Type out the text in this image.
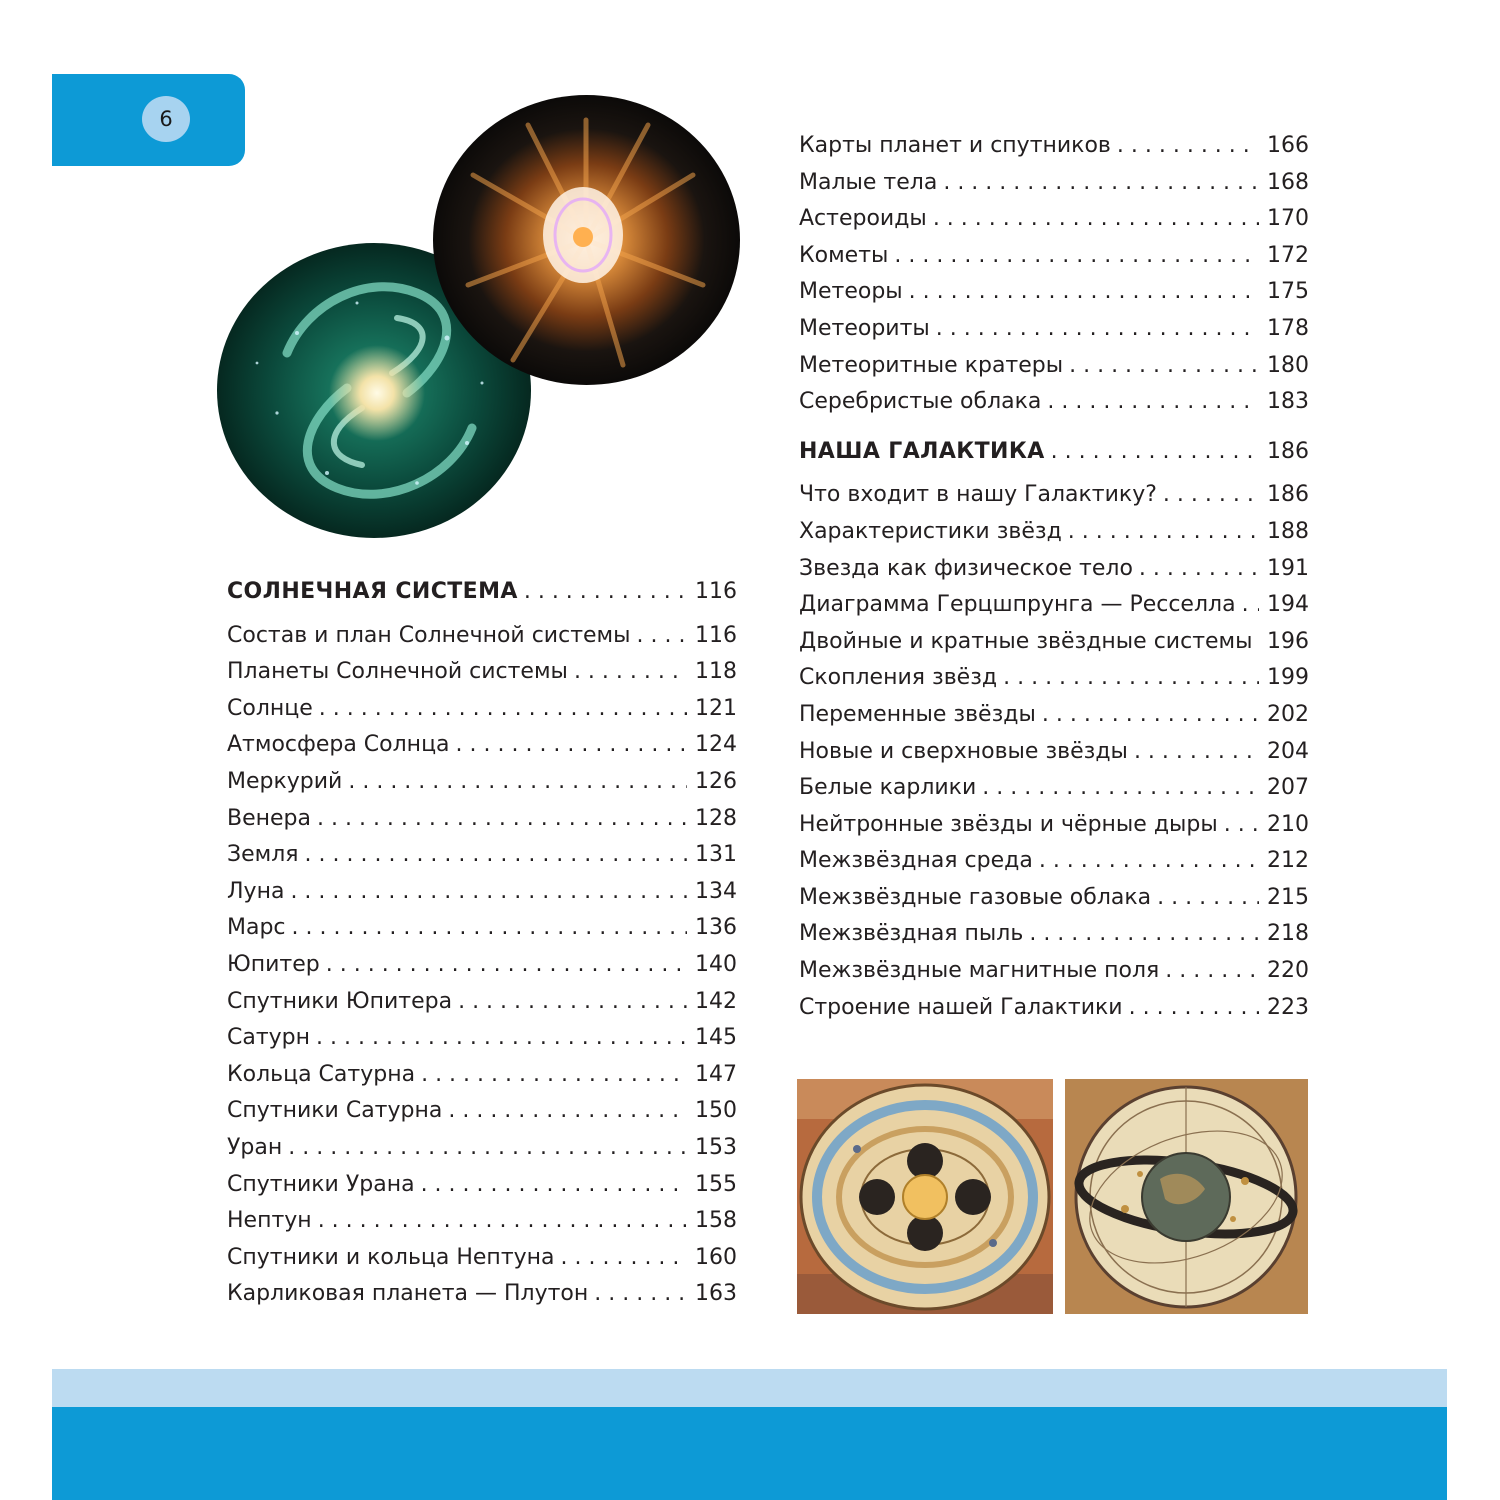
6
СОЛНЕЧНАЯ СИСТЕМА . . .	116
Состав и план Солнечной системы . . .	116
Планеты Солнечной системы . . .	118
Солнце . . .	121
Атмосфера Солнца . . .	124
Меркурий . . .	126
Венера . . .	128
Земля . . .	131
Луна . . .	134
Марс . . .	136
Юпитер . . .	140
Спутники Юпитера . . .	142
Сатурн . . .	145
Кольца Сатурна . . .	147
Спутники Сатурна . . .	150
Уран . . .	153
Спутники Урана . . .	155
Нептун . . .	158
Спутники и кольца Нептуна . . .	160
Карликовая планета — Плутон . . .	163
Карты планет и спутников . . .	166
Малые тела . . .	168
Астероиды . . .	170
Кометы . . .	172
Метеоры . . .	175
Метеориты . . .	178
Метеоритные кратеры . . .	180
Серебристые облака . . .	183
НАША ГАЛАКТИКА . . .	186
Что входит в нашу Галактику? . . .	186
Характеристики звёзд . . .	188
Звезда как физическое тело . . .	191
Диаграмма Герцшпрунга — Ресселла . . . 194
Двойные и кратные звёздные системы . . . 196
Скопления звёзд . . .	199
Переменные звёзды . . .	202
Новые и сверхновые звёзды . . .	204
Белые карлики . . .	207
Нейтронные звёзды и чёрные дыры . . . 210
Межзвёздная среда . . .	212
Межзвёздные газовые облака . . .	215
Межзвёздная пыль . . .	218
Межзвёздные магнитные поля . . .	220
Строение нашей Галактики . . .	223
